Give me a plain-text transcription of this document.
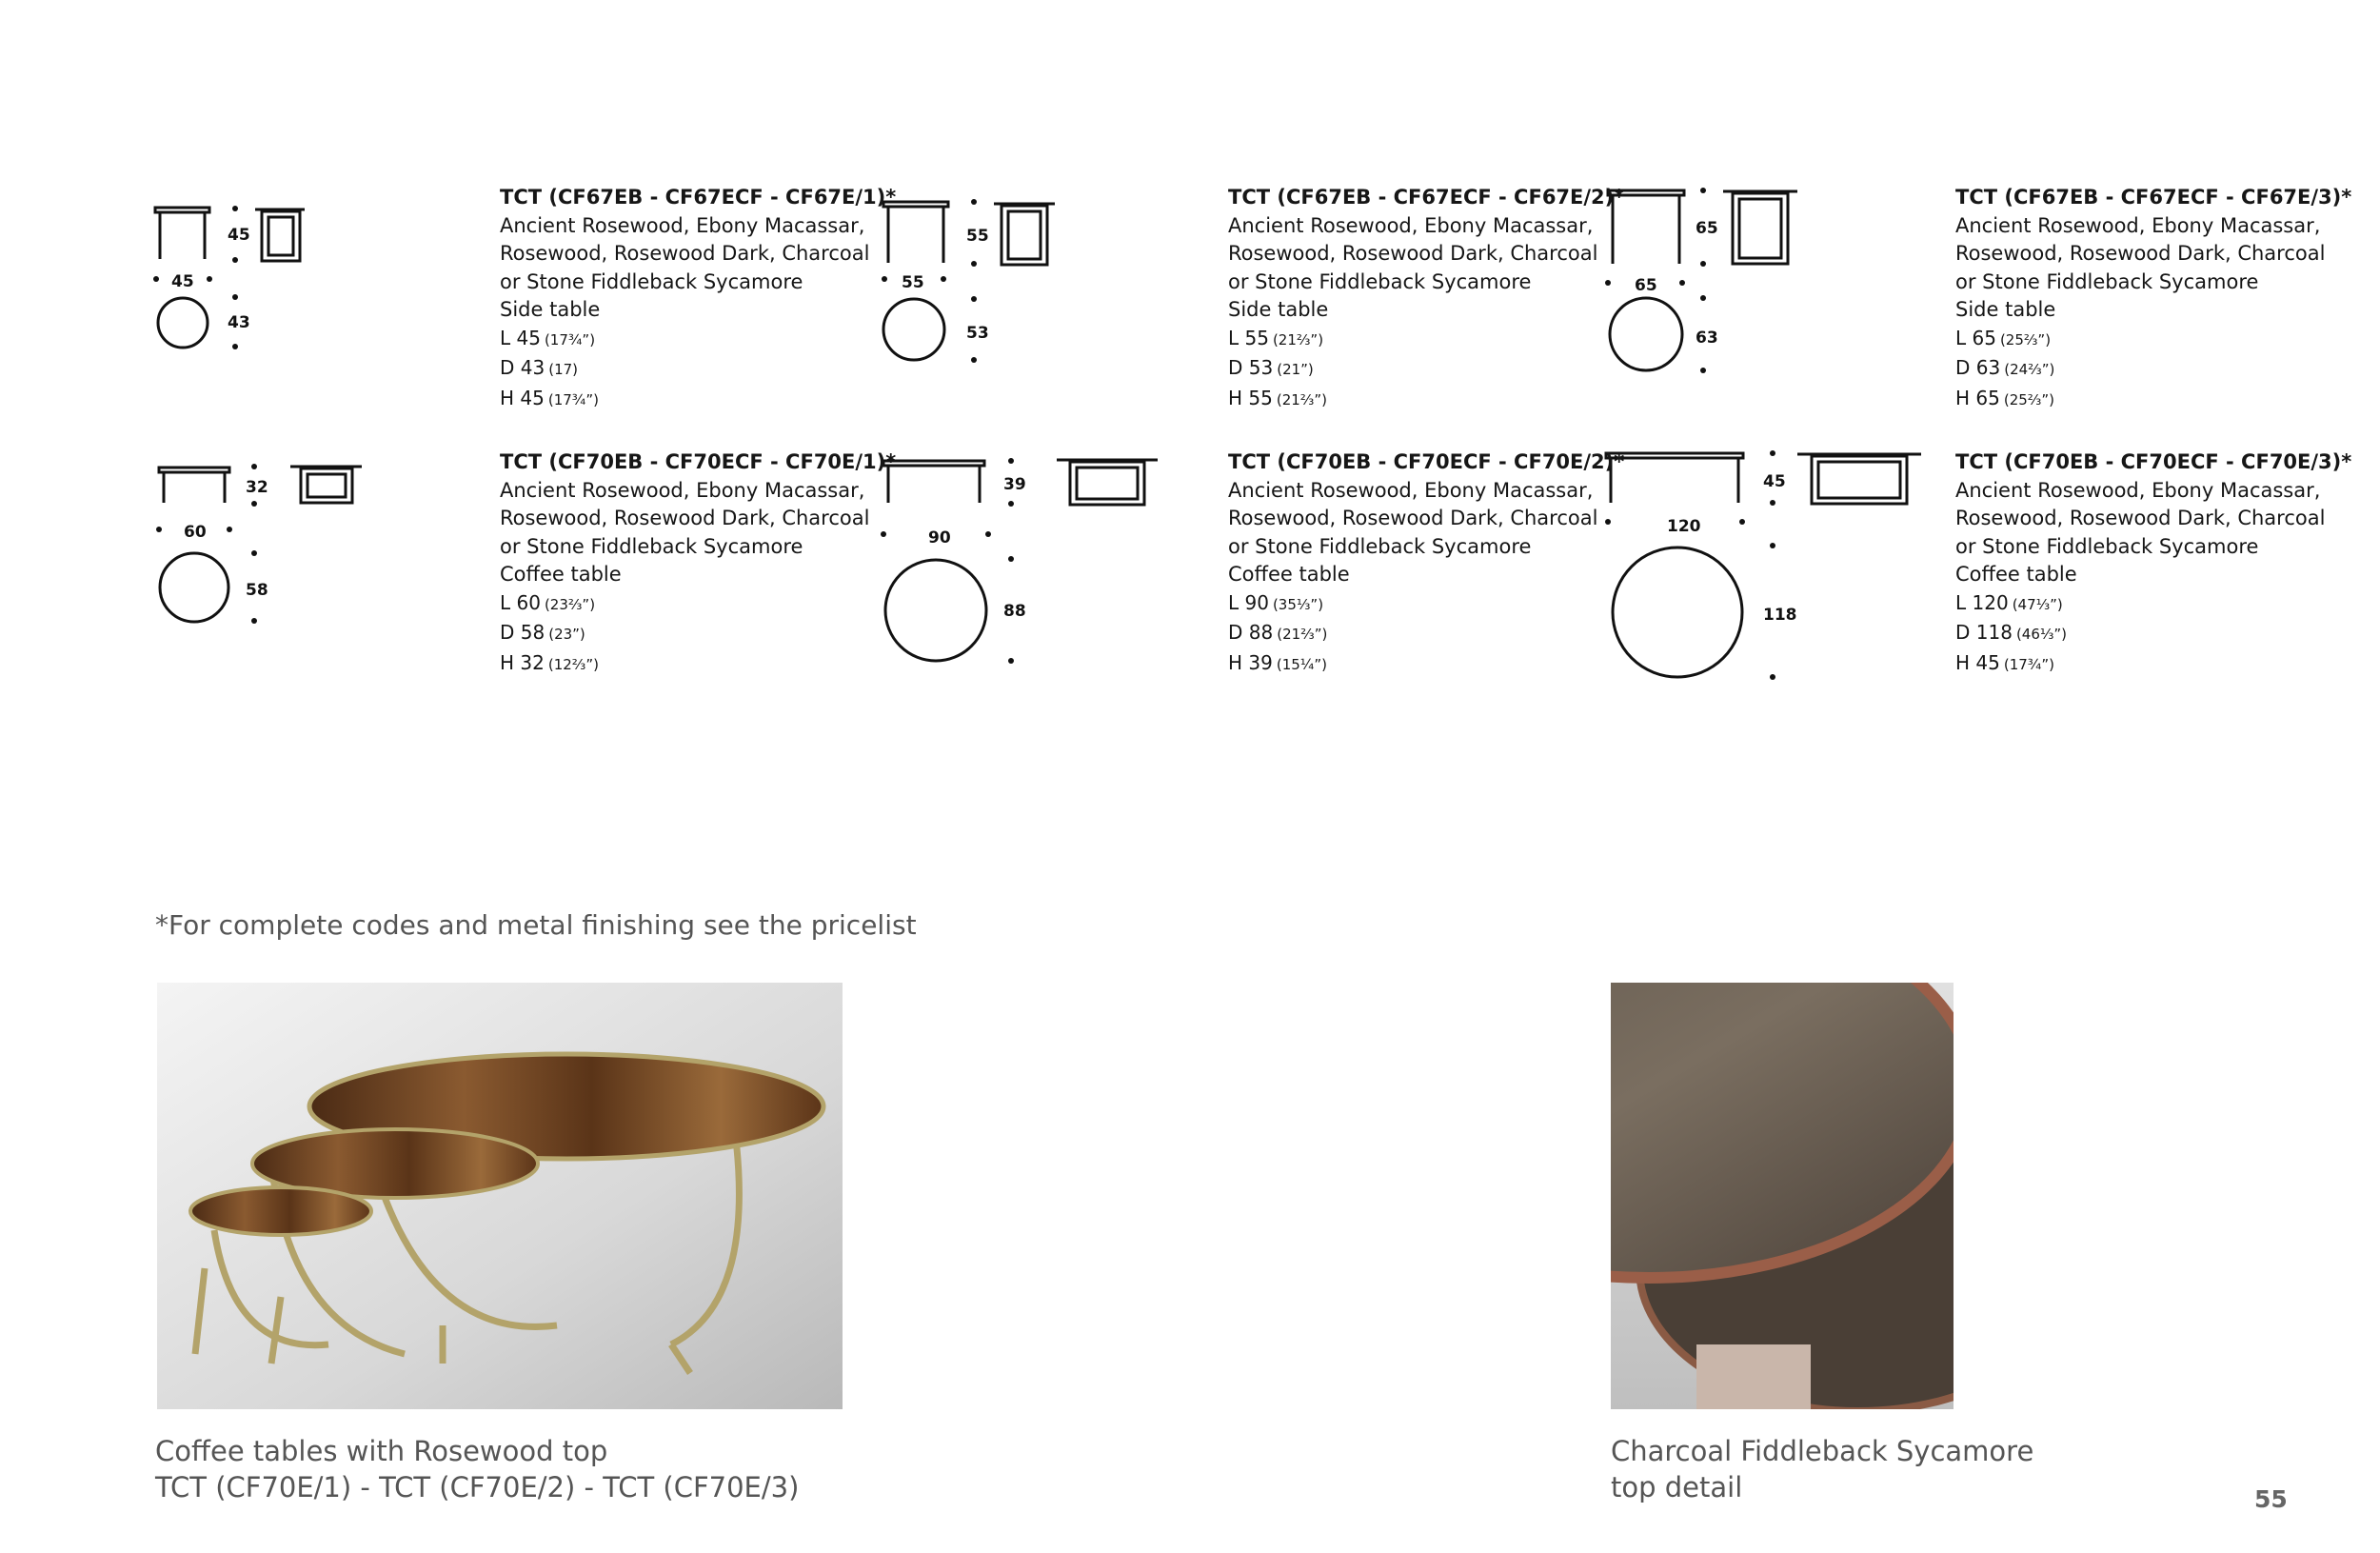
45
45
43
55
55
53
65
65
63
32
60
58
39
90
88
45
120
118
TCT (CF67EB - CF67ECF - CF67E/1)*
Ancient Rosewood, Ebony Macassar,
Rosewood, Rosewood Dark, Charcoal
or Stone Fiddleback Sycamore
Side table
L 45 (17¾”)
D 43 (17)
H 45 (17¾”)
TCT (CF67EB - CF67ECF - CF67E/2)*
Ancient Rosewood, Ebony Macassar,
Rosewood, Rosewood Dark, Charcoal
or Stone Fiddleback Sycamore
Side table
L 55 (21⅔”)
D 53 (21”)
H 55 (21⅔”)
TCT (CF67EB - CF67ECF - CF67E/3)*
Ancient Rosewood, Ebony Macassar,
Rosewood, Rosewood Dark, Charcoal
or Stone Fiddleback Sycamore
Side table
L 65 (25⅔”)
D 63 (24⅔”)
H 65 (25⅔”)
TCT (CF70EB - CF70ECF - CF70E/1)*
Ancient Rosewood, Ebony Macassar,
Rosewood, Rosewood Dark, Charcoal
or Stone Fiddleback Sycamore
Coffee table
L 60 (23⅔”)
D 58 (23”)
H 32 (12⅔”)
TCT (CF70EB - CF70ECF - CF70E/2)*
Ancient Rosewood, Ebony Macassar,
Rosewood, Rosewood Dark, Charcoal
or Stone Fiddleback Sycamore
Coffee table
L 90 (35⅓”)
D 88 (21⅔”)
H 39 (15¼”)
TCT (CF70EB - CF70ECF - CF70E/3)*
Ancient Rosewood, Ebony Macassar,
Rosewood, Rosewood Dark, Charcoal
or Stone Fiddleback Sycamore
Coffee table
L 120 (47⅓”)
D 118 (46⅓”)
H 45 (17¾”)
*For complete codes and metal finishing see the pricelist
Coffee tables with Rosewood top
TCT (CF70E/1) - TCT (CF70E/2) - TCT (CF70E/3)
Charcoal Fiddleback Sycamore
top detail	55
